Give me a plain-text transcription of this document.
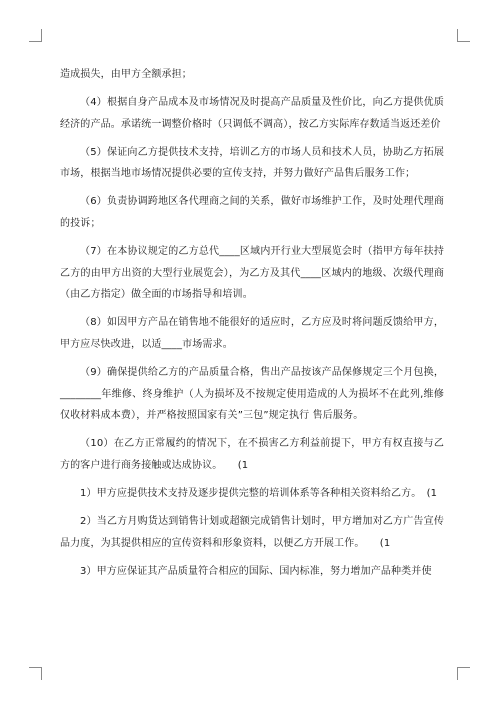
造成损失，由甲方全额承担；

（4）根据自身产品成本及市场情况及时提高产品质量及性价比，向乙方提供优质经济的产品。承诺统一调整价格时（只调低不调高），按乙方实际库存数适当返还差价

（5）保证向乙方提供技术支持，培训乙方的市场人员和技术人员，协助乙方拓展市场，根据当地市场情况提供必要的宣传支持，并努力做好产品售后服务工作；

（6）负责协调跨地区各代理商之间的关系，做好市场维护工作，及时处理代理商的投诉；

（7）在本协议规定的乙方总代____区域内开行业大型展览会时（指甲方每年扶持乙方的由甲方出资的大型行业展览会），为乙方及其代____区域内的地级、次级代理商（由乙方指定）做全面的市场指导和培训。

（8）如因甲方产品在销售地不能很好的适应时，乙方应及时将问题反馈给甲方，甲方应尽快改进，以适____市场需求。

（9）确保提供给乙方的产品质量合格，售出产品按该产品保修规定三个月包换，________年维修、终身维护（人为损坏及不按规定使用造成的人为损坏不在此列,维修仅收材料成本费），并严格按照国家有关”三包”规定执行 售后服务。

（10）在乙方正常履约的情况下，在不损害乙方利益前提下，甲方有权直接与乙方的客户进行商务接触或达成协议。　　(1

1）甲方应提供技术支持及逐步提供完整的培训体系等各种相关资料给乙方。　(1

2）当乙方月购货达到销售计划或超额完成销售计划时，甲方增加对乙方广告宣传品力度，为其提供相应的宣传资料和形象资料，以便乙方开展工作。　　(1

3）甲方应保证其产品质量符合相应的国际、国内标准，努力增加产品种类并使
